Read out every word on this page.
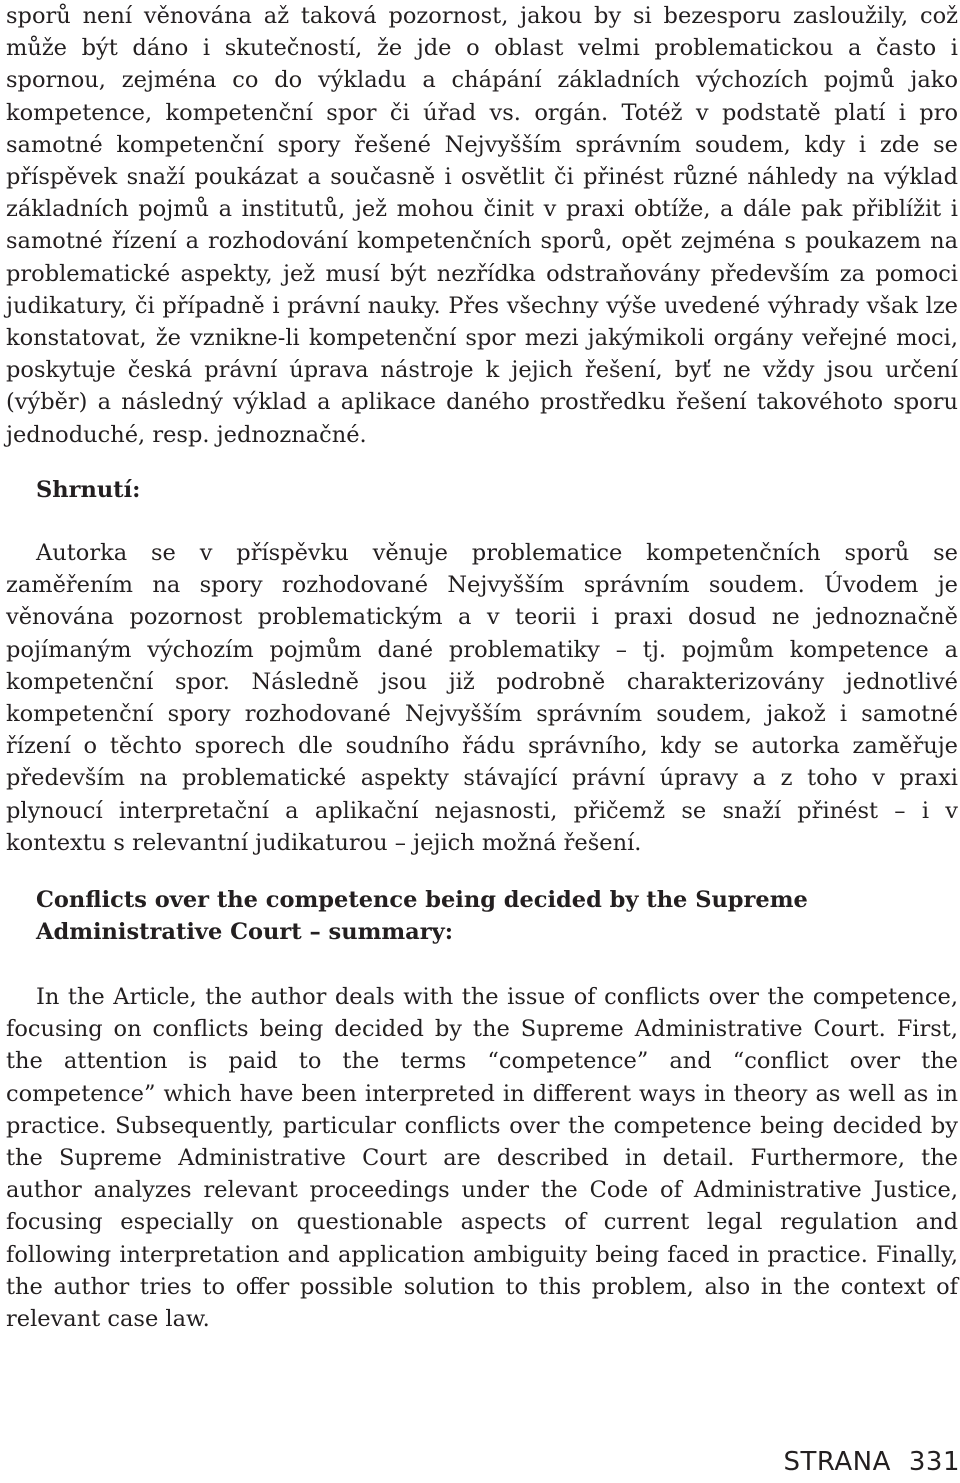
sporů není věnována až taková pozornost, jakou by si bezesporu zasloužily, což může být dáno i skutečností, že jde o oblast velmi problematickou a často i spornou, zejména co do výkladu a chápání základních výchozích pojmů jako kompetence, kompetenční spor či úřad vs. orgán. Totéž v podstatě platí i pro samotné kompetenční spory řešené Nejvyšším správním soudem, kdy i zde se příspěvek snaží poukázat a současně i osvětlit či přinést různé náhledy na výklad základních pojmů a institutů, jež mohou činit v praxi obtíže, a dále pak přiblížit i samotné řízení a rozhodování kompetenčních sporů, opět zejména s poukazem na problematické aspekty, jež musí být nezřídka odstraňovány především za pomoci judikatury, či případně i právní nauky. Přes všechny výše uvedené výhrady však lze konstatovat, že vznikne-li kompetenční spor mezi jakýmikoli orgány veřejné moci, poskytuje česká právní úprava nástroje k jejich řešení, byť ne vždy jsou určení (výběr) a následný výklad a aplikace daného prostředku řešení takovéhoto sporu jednoduché, resp. jednoznačné.

Shrnutí:

Autorka se v příspěvku věnuje problematice kompetenčních sporů se zaměřením na spory rozhodované Nejvyšším správním soudem. Úvodem je věnována pozornost problematickým a v teorii i praxi dosud ne jednoznačně pojímaným výchozím pojmům dané problematiky – tj. pojmům kompetence a kompetenční spor. Následně jsou již podrobně charakterizovány jednotlivé kompetenční spory rozhodované Nejvyšším správním soudem, jakož i samotné řízení o těchto sporech dle soudního řádu správního, kdy se autorka zaměřuje především na problematické aspekty stávající právní úpravy a z toho v praxi plynoucí interpretační a aplikační nejasnosti, přičemž se snaží přinést – i v kontextu s relevantní judikaturou – jejich možná řešení.

Conflicts over the competence being decided by the Supreme Administrative Court – summary:

In the Article, the author deals with the issue of conflicts over the competence, focusing on conflicts being decided by the Supreme Administrative Court. First, the attention is paid to the terms “competence” and “conflict over the competence” which have been interpreted in different ways in theory as well as in practice. Subsequently, particular conflicts over the competence being decided by the Supreme Administrative Court are described in detail. Furthermore, the author analyzes relevant proceedings under the Code of Administrative Justice, focusing especially on questionable aspects of current legal regulation and following interpretation and application ambiguity being faced in practice. Finally, the author tries to offer possible solution to this problem, also in the context of relevant case law.

STRANA 331
